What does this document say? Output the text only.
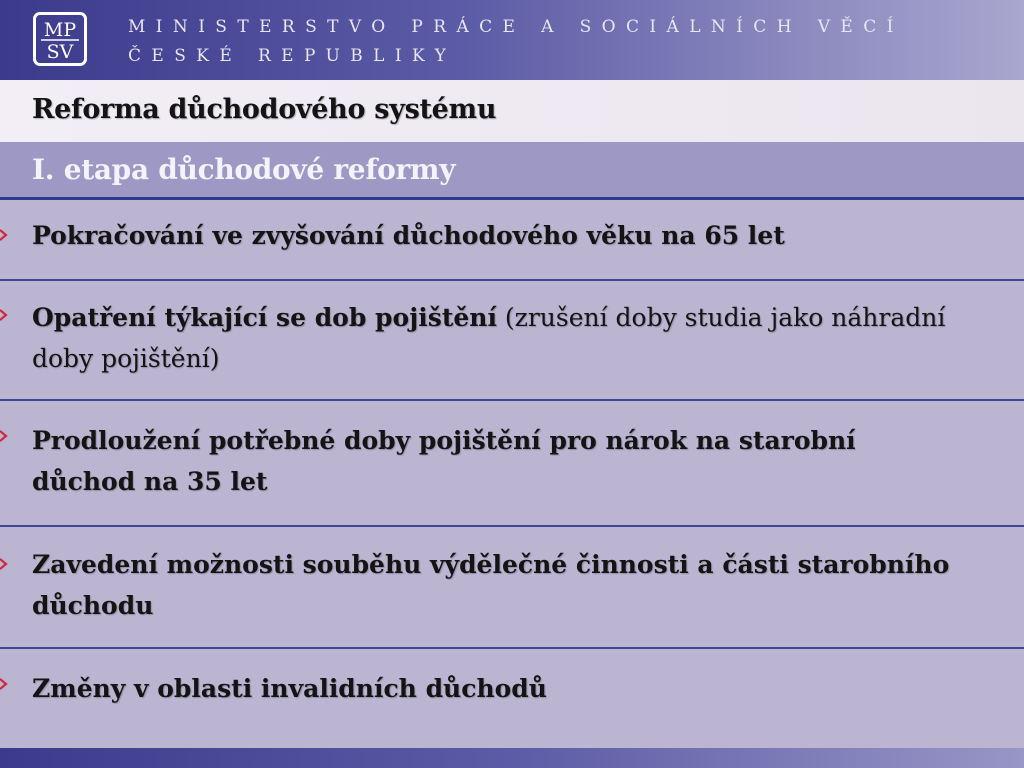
MP
SV
MINISTERSTVO PRÁCE A SOCIÁLNÍCH VĚCÍ
ČESKÉ REPUBLIKY
Reforma důchodového systému
I. etapa důchodové reformy
Pokračování ve zvyšování důchodového věku na 65 let
Opatření týkající se dob pojištění (zrušení doby studia jako náhradní doby pojištění)
Prodloužení potřebné doby pojištění pro nárok na starobní důchod na 35 let
Zavedení možnosti souběhu výdělečné činnosti a části starobního důchodu
Změny v oblasti invalidních důchodů
